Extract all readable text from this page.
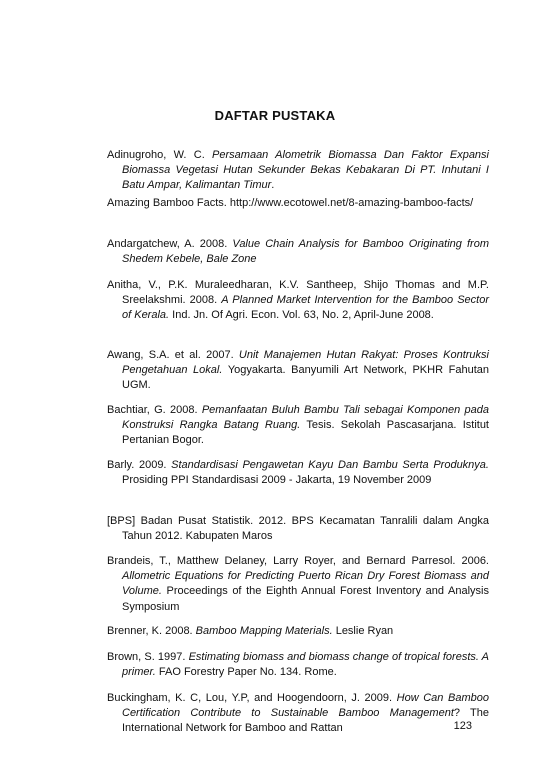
DAFTAR PUSTAKA

Adinugroho, W. C. Persamaan Alometrik Biomassa Dan Faktor Expansi Biomassa Vegetasi Hutan Sekunder Bekas Kebakaran Di PT. Inhutani I Batu Ampar, Kalimantan Timur.

Amazing Bamboo Facts. http://www.ecotowel.net/8-amazing-bamboo-facts/

Andargatchew, A. 2008. Value Chain Analysis for Bamboo Originating from Shedem Kebele, Bale Zone

Anitha, V., P.K. Muraleedharan, K.V. Santheep, Shijo Thomas and M.P. Sreelakshmi. 2008. A Planned Market Intervention for the Bamboo Sector of Kerala. Ind. Jn. Of Agri. Econ. Vol. 63, No. 2, April-June 2008.

Awang, S.A. et al. 2007. Unit Manajemen Hutan Rakyat: Proses Kontruksi Pengetahuan Lokal. Yogyakarta. Banyumili Art Network, PKHR Fahutan UGM.

Bachtiar, G. 2008. Pemanfaatan Buluh Bambu Tali sebagai Komponen pada Konstruksi Rangka Batang Ruang. Tesis. Sekolah Pascasarjana. Istitut Pertanian Bogor.

Barly. 2009. Standardisasi Pengawetan Kayu Dan Bambu Serta Produknya. Prosiding PPI Standardisasi 2009 - Jakarta, 19 November 2009

[BPS] Badan Pusat Statistik. 2012. BPS Kecamatan Tanralili dalam Angka Tahun 2012. Kabupaten Maros

Brandeis, T., Matthew Delaney, Larry Royer, and Bernard Parresol. 2006. Allometric Equations for Predicting Puerto Rican Dry Forest Biomass and Volume. Proceedings of the Eighth Annual Forest Inventory and Analysis Symposium

Brenner, K. 2008. Bamboo Mapping Materials. Leslie Ryan

Brown, S. 1997. Estimating biomass and biomass change of tropical forests. A primer. FAO Forestry Paper No. 134. Rome.

Buckingham, K. C, Lou, Y.P, and Hoogendoorn, J. 2009. How Can Bamboo Certification Contribute to Sustainable Bamboo Management? The International Network for Bamboo and Rattan	123
